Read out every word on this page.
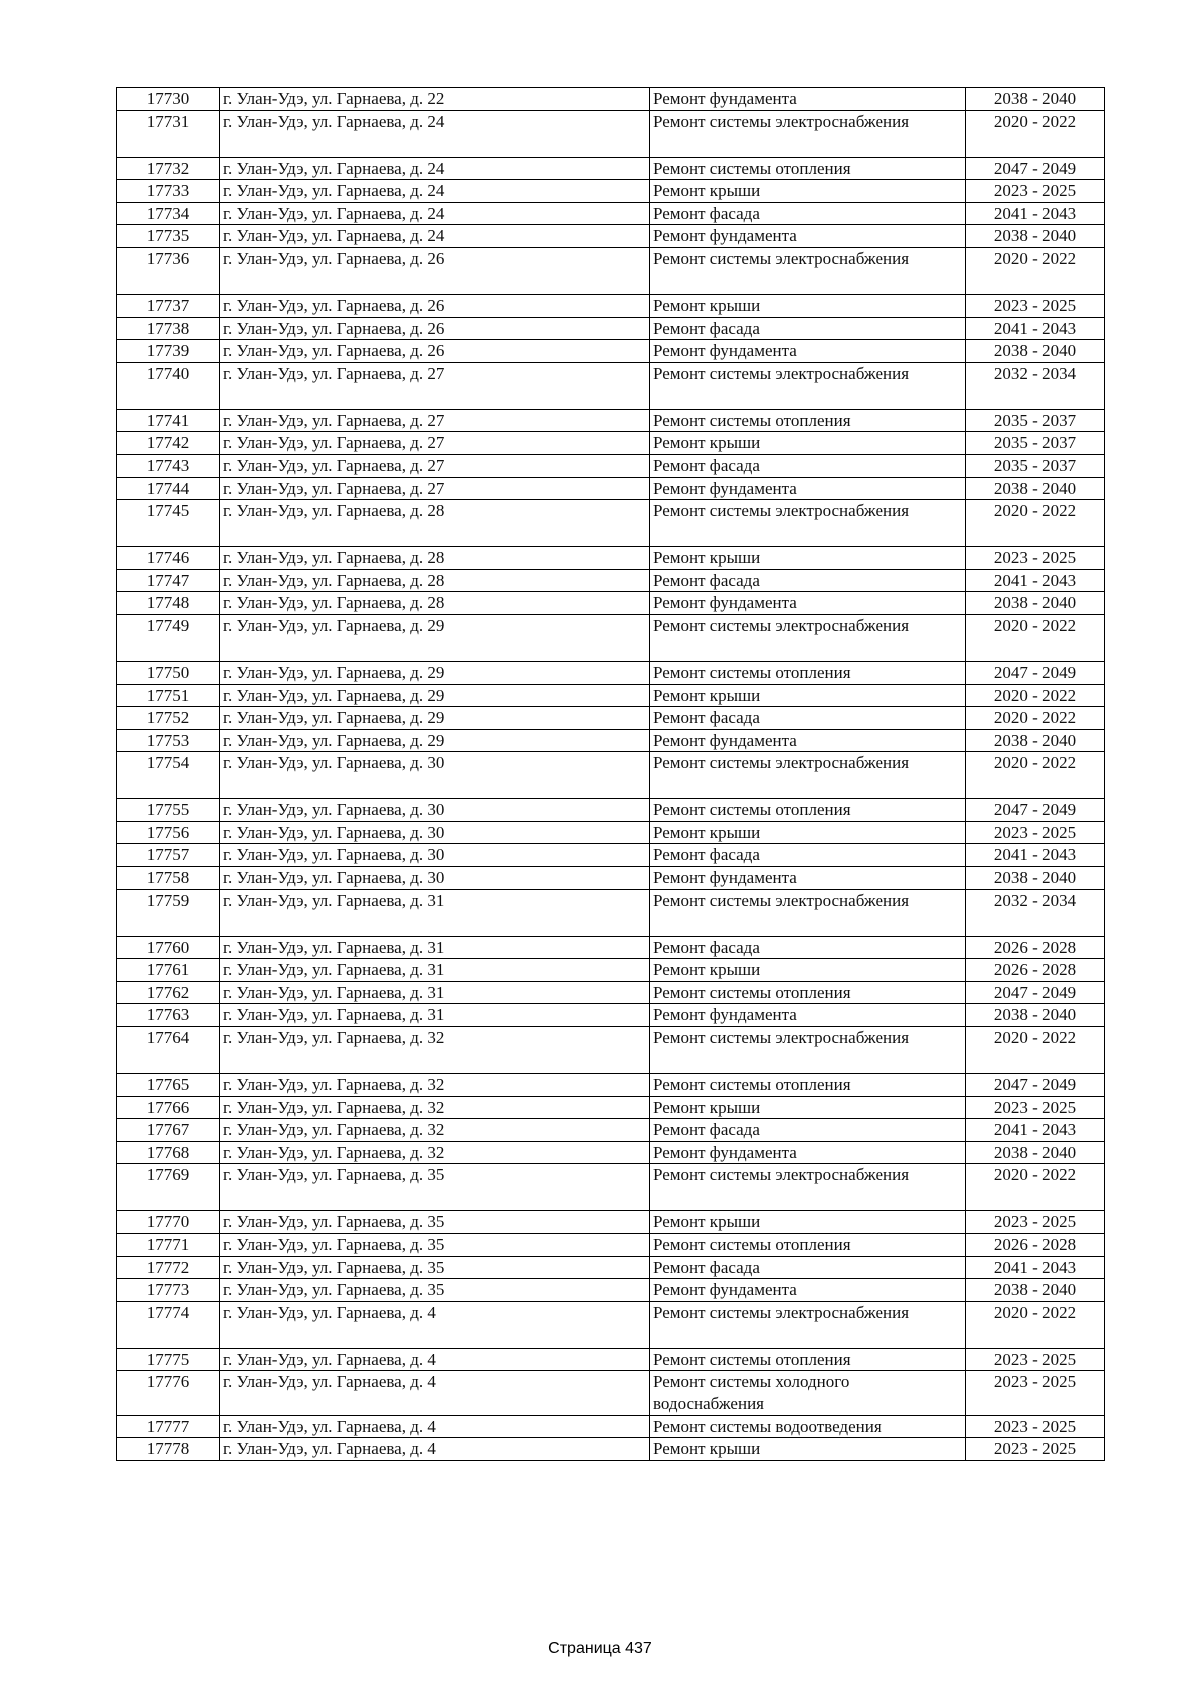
17730	г. Улан-Удэ, ул. Гарнаева, д. 22	Ремонт фундамента	2038 - 2040
17731	г. Улан-Удэ, ул. Гарнаева, д. 24	Ремонт системы электроснабжения	2020 - 2022
17732	г. Улан-Удэ, ул. Гарнаева, д. 24	Ремонт системы отопления	2047 - 2049
17733	г. Улан-Удэ, ул. Гарнаева, д. 24	Ремонт крыши	2023 - 2025
17734	г. Улан-Удэ, ул. Гарнаева, д. 24	Ремонт фасада	2041 - 2043
17735	г. Улан-Удэ, ул. Гарнаева, д. 24	Ремонт фундамента	2038 - 2040
17736	г. Улан-Удэ, ул. Гарнаева, д. 26	Ремонт системы электроснабжения	2020 - 2022
17737	г. Улан-Удэ, ул. Гарнаева, д. 26	Ремонт крыши	2023 - 2025
17738	г. Улан-Удэ, ул. Гарнаева, д. 26	Ремонт фасада	2041 - 2043
17739	г. Улан-Удэ, ул. Гарнаева, д. 26	Ремонт фундамента	2038 - 2040
17740	г. Улан-Удэ, ул. Гарнаева, д. 27	Ремонт системы электроснабжения	2032 - 2034
17741	г. Улан-Удэ, ул. Гарнаева, д. 27	Ремонт системы отопления	2035 - 2037
17742	г. Улан-Удэ, ул. Гарнаева, д. 27	Ремонт крыши	2035 - 2037
17743	г. Улан-Удэ, ул. Гарнаева, д. 27	Ремонт фасада	2035 - 2037
17744	г. Улан-Удэ, ул. Гарнаева, д. 27	Ремонт фундамента	2038 - 2040
17745	г. Улан-Удэ, ул. Гарнаева, д. 28	Ремонт системы электроснабжения	2020 - 2022
17746	г. Улан-Удэ, ул. Гарнаева, д. 28	Ремонт крыши	2023 - 2025
17747	г. Улан-Удэ, ул. Гарнаева, д. 28	Ремонт фасада	2041 - 2043
17748	г. Улан-Удэ, ул. Гарнаева, д. 28	Ремонт фундамента	2038 - 2040
17749	г. Улан-Удэ, ул. Гарнаева, д. 29	Ремонт системы электроснабжения	2020 - 2022
17750	г. Улан-Удэ, ул. Гарнаева, д. 29	Ремонт системы отопления	2047 - 2049
17751	г. Улан-Удэ, ул. Гарнаева, д. 29	Ремонт крыши	2020 - 2022
17752	г. Улан-Удэ, ул. Гарнаева, д. 29	Ремонт фасада	2020 - 2022
17753	г. Улан-Удэ, ул. Гарнаева, д. 29	Ремонт фундамента	2038 - 2040
17754	г. Улан-Удэ, ул. Гарнаева, д. 30	Ремонт системы электроснабжения	2020 - 2022
17755	г. Улан-Удэ, ул. Гарнаева, д. 30	Ремонт системы отопления	2047 - 2049
17756	г. Улан-Удэ, ул. Гарнаева, д. 30	Ремонт крыши	2023 - 2025
17757	г. Улан-Удэ, ул. Гарнаева, д. 30	Ремонт фасада	2041 - 2043
17758	г. Улан-Удэ, ул. Гарнаева, д. 30	Ремонт фундамента	2038 - 2040
17759	г. Улан-Удэ, ул. Гарнаева, д. 31	Ремонт системы электроснабжения	2032 - 2034
17760	г. Улан-Удэ, ул. Гарнаева, д. 31	Ремонт фасада	2026 - 2028
17761	г. Улан-Удэ, ул. Гарнаева, д. 31	Ремонт крыши	2026 - 2028
17762	г. Улан-Удэ, ул. Гарнаева, д. 31	Ремонт системы отопления	2047 - 2049
17763	г. Улан-Удэ, ул. Гарнаева, д. 31	Ремонт фундамента	2038 - 2040
17764	г. Улан-Удэ, ул. Гарнаева, д. 32	Ремонт системы электроснабжения	2020 - 2022
17765	г. Улан-Удэ, ул. Гарнаева, д. 32	Ремонт системы отопления	2047 - 2049
17766	г. Улан-Удэ, ул. Гарнаева, д. 32	Ремонт крыши	2023 - 2025
17767	г. Улан-Удэ, ул. Гарнаева, д. 32	Ремонт фасада	2041 - 2043
17768	г. Улан-Удэ, ул. Гарнаева, д. 32	Ремонт фундамента	2038 - 2040
17769	г. Улан-Удэ, ул. Гарнаева, д. 35	Ремонт системы электроснабжения	2020 - 2022
17770	г. Улан-Удэ, ул. Гарнаева, д. 35	Ремонт крыши	2023 - 2025
17771	г. Улан-Удэ, ул. Гарнаева, д. 35	Ремонт системы отопления	2026 - 2028
17772	г. Улан-Удэ, ул. Гарнаева, д. 35	Ремонт фасада	2041 - 2043
17773	г. Улан-Удэ, ул. Гарнаева, д. 35	Ремонт фундамента	2038 - 2040
17774	г. Улан-Удэ, ул. Гарнаева, д. 4	Ремонт системы электроснабжения	2020 - 2022
17775	г. Улан-Удэ, ул. Гарнаева, д. 4	Ремонт системы отопления	2023 - 2025
17776	г. Улан-Удэ, ул. Гарнаева, д. 4	Ремонт системы холодного водоснабжения	2023 - 2025
17777	г. Улан-Удэ, ул. Гарнаева, д. 4	Ремонт системы водоотведения	2023 - 2025
17778	г. Улан-Удэ, ул. Гарнаева, д. 4	Ремонт крыши	2023 - 2025
Страница 437
